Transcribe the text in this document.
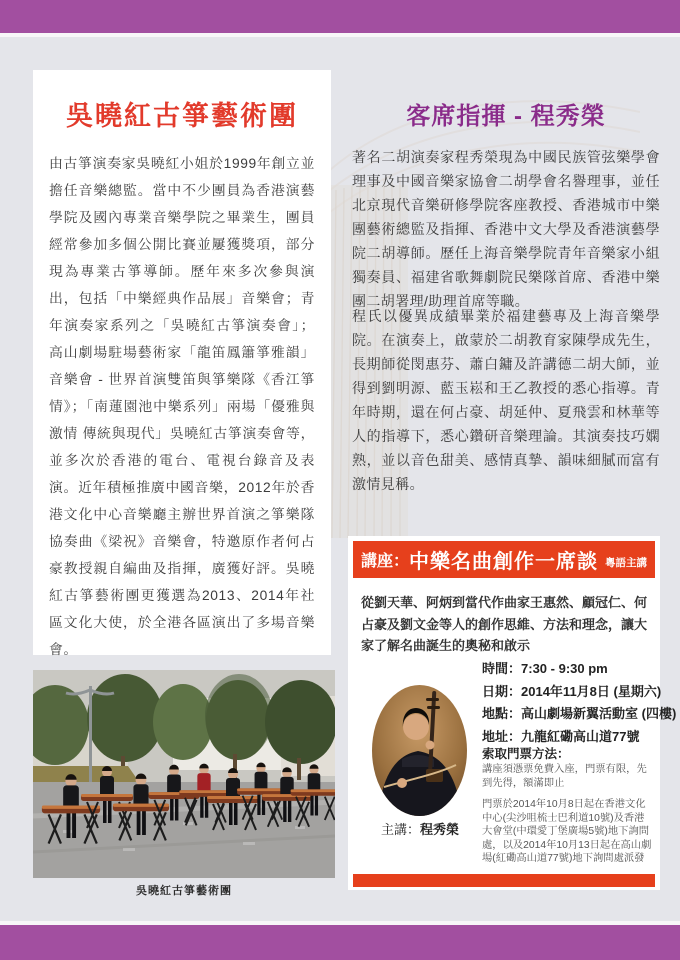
吳曉紅古箏藝術團
由古箏演奏家吳曉紅小姐於1999年創立並擔任音樂總監。當中不少團員為香港演藝學院及國內專業音樂學院之畢業生，團員經常參加多個公開比賽並屢獲獎項，部分現為專業古箏導師。歷年來多次參與演出，包括「中樂經典作品展」音樂會；青年演奏家系列之「吳曉紅古箏演奏會」；高山劇場駐場藝術家「龍笛鳳簫箏雅韻」音樂會 - 世界首演雙笛與箏樂隊《香江箏情》；「南蓮園池中樂系列」兩場「優雅與激情 傳統與現代」吳曉紅古箏演奏會等，並多次於香港的電台、電視台錄音及表演。近年積極推廣中國音樂，2012年於香港文化中心音樂廳主辦世界首演之箏樂隊協奏曲《梁祝》音樂會，特邀原作者何占豪教授親自編曲及指揮，廣獲好評。吳曉紅古箏藝術團更獲選為2013、2014年社區文化大使，於全港各區演出了多場音樂會。
吳曉紅古箏藝術團
客席指揮 - 程秀榮
著名二胡演奏家程秀榮現為中國民族管弦樂學會理事及中國音樂家協會二胡學會名譽理事，並任北京現代音樂研修學院客座教授、香港城市中樂團藝術總監及指揮、香港中文大學及香港演藝學院二胡導師。歷任上海音樂學院青年音樂家小組獨奏員、福建省歌舞劇院民樂隊首席、香港中樂團二胡署理/助理首席等職。
程氏以優異成績畢業於福建藝專及上海音樂學院。在演奏上，啟蒙於二胡教育家陳學成先生，長期師從閔惠芬、蕭白鏞及許講德二胡大師，並得到劉明源、藍玉崧和王乙教授的悉心指導。青年時期，還在何占豪、胡延仲、夏飛雲和林華等人的指導下，悉心鑽研音樂理論。其演奏技巧嫻熟，並以音色甜美、感情真摯、韻味細膩而富有激情見稱。
講座： 中樂名曲創作一席談 粵語主講
從劉天華、阿炳到當代作曲家王惠然、顧冠仁、何占豪及劉文金等人的創作思維、方法和理念，讓大家了解名曲誕生的奧秘和啟示
時間：7:30 - 9:30 pm
日期：2014年11月8日 (星期六)
地點：高山劇場新翼活動室 (四樓)
地址：九龍紅磡高山道77號
主講：程秀榮
索取門票方法：
講座須憑票免費入座，門票有限，先到先得，額滿即止
門票於2014年10月8日起在香港文化中心(尖沙咀梳士巴利道10號)及香港大會堂(中環愛丁堡廣場5號)地下詢問處，以及2014年10月13日起在高山劇場(紅磡高山道77號)地下詢問處派發
